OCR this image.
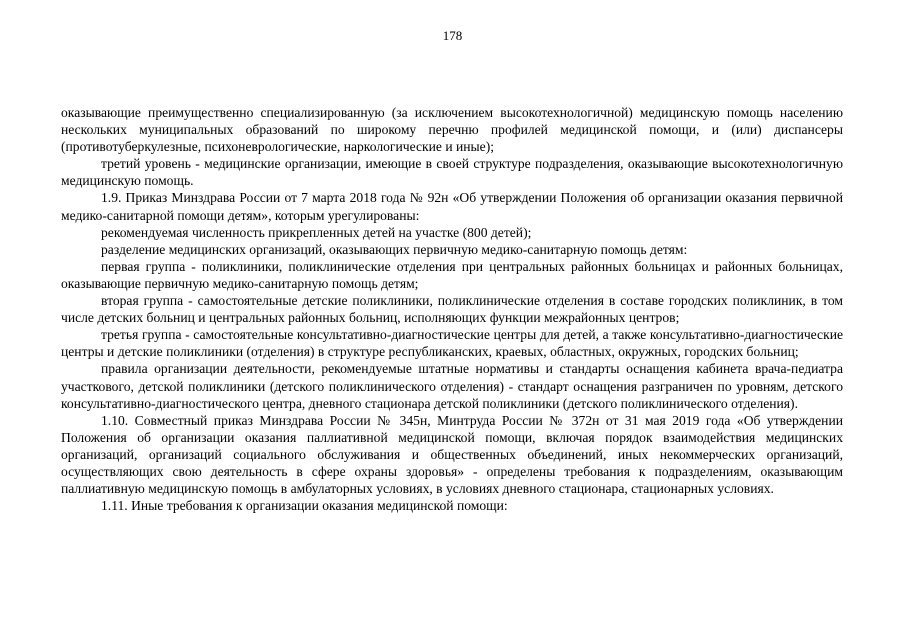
178

оказывающие преимущественно специализированную (за исключением высокотехнологичной) медицинскую помощь населению нескольких муниципальных образований по широкому перечню профилей медицинской помощи, и (или) диспансеры (противотуберкулезные, психоневрологические, наркологические и иные);

третий уровень - медицинские организации, имеющие в своей структуре подразделения, оказывающие высокотехнологичную медицинскую помощь.

1.9. Приказ Минздрава России от 7 марта 2018 года № 92н «Об утверждении Положения об организации оказания первичной медико-санитарной помощи детям», которым урегулированы:

рекомендуемая численность прикрепленных детей на участке (800 детей);

разделение медицинских организаций, оказывающих первичную медико-санитарную помощь детям:

первая группа - поликлиники, поликлинические отделения при центральных районных больницах и районных больницах, оказывающие первичную медико-санитарную помощь детям;

вторая группа - самостоятельные детские поликлиники, поликлинические отделения в составе городских поликлиник, в том числе детских больниц и центральных районных больниц, исполняющих функции межрайонных центров;

третья группа - самостоятельные консультативно-диагностические центры для детей, а также консультативно-диагностические центры и детские поликлиники (отделения) в структуре республиканских, краевых, областных, окружных, городских больниц;

правила организации деятельности, рекомендуемые штатные нормативы и стандарты оснащения кабинета врача-педиатра участкового, детской поликлиники (детского поликлинического отделения) - стандарт оснащения разграничен по уровням, детского консультативно-диагностического центра, дневного стационара детской поликлиники (детского поликлинического отделения).

1.10. Совместный приказ Минздрава России № 345н, Минтруда России № 372н от 31 мая 2019 года «Об утверждении Положения об организации оказания паллиативной медицинской помощи, включая порядок взаимодействия медицинских организаций, организаций социального обслуживания и общественных объединений, иных некоммерческих организаций, осуществляющих свою деятельность в сфере охраны здоровья» - определены требования к подразделениям, оказывающим паллиативную медицинскую помощь в амбулаторных условиях, в условиях дневного стационара, стационарных условиях.

1.11. Иные требования к организации оказания медицинской помощи:
